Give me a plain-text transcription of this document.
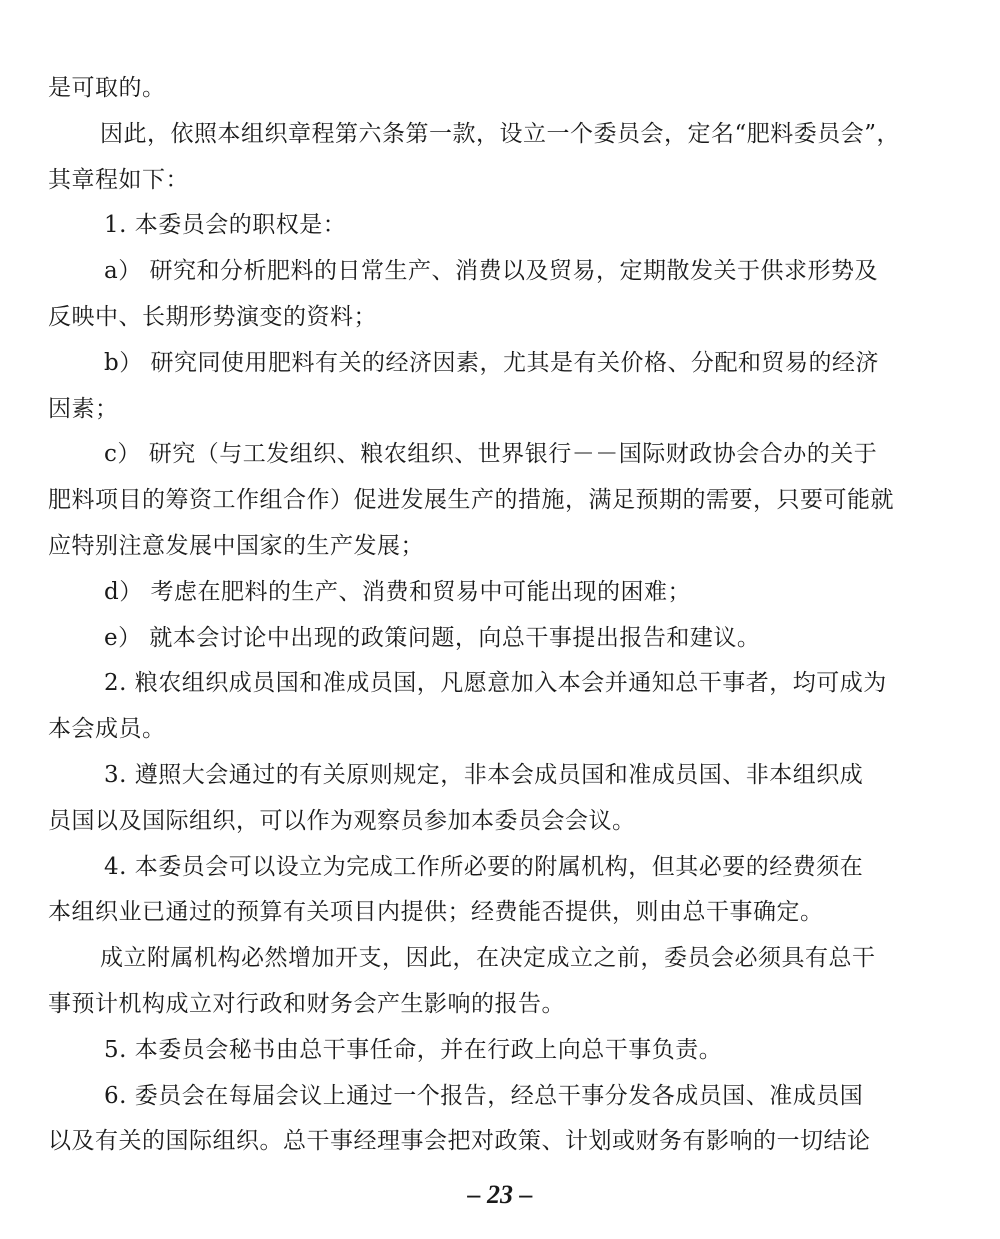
是可取的。
因此，依照本组织章程第六条第一款，设立一个委员会，定名“肥料委员会”，
其章程如下：
1. 本委员会的职权是：
a） 研究和分析肥料的日常生产、消费以及贸易，定期散发关于供求形势及
反映中、长期形势演变的资料；
b） 研究同使用肥料有关的经济因素，尤其是有关价格、分配和贸易的经济
因素；
c） 研究（与工发组织、粮农组织、世界银行－－国际财政协会合办的关于
肥料项目的筹资工作组合作）促进发展生产的措施，满足预期的需要，只要可能就
应特别注意发展中国家的生产发展；
d） 考虑在肥料的生产、消费和贸易中可能出现的困难；
e） 就本会讨论中出现的政策问题，向总干事提出报告和建议。
2. 粮农组织成员国和准成员国，凡愿意加入本会并通知总干事者，均可成为
本会成员。
3. 遵照大会通过的有关原则规定，非本会成员国和准成员国、非本组织成
员国以及国际组织，可以作为观察员参加本委员会会议。
4. 本委员会可以设立为完成工作所必要的附属机构，但其必要的经费须在
本组织业已通过的预算有关项目内提供；经费能否提供，则由总干事确定。
成立附属机构必然增加开支，因此，在决定成立之前，委员会必须具有总干
事预计机构成立对行政和财务会产生影响的报告。
5. 本委员会秘书由总干事任命，并在行政上向总干事负责。
6. 委员会在每届会议上通过一个报告，经总干事分发各成员国、准成员国
以及有关的国际组织。总干事经理事会把对政策、计划或财务有影响的一切结论
– 23 –
